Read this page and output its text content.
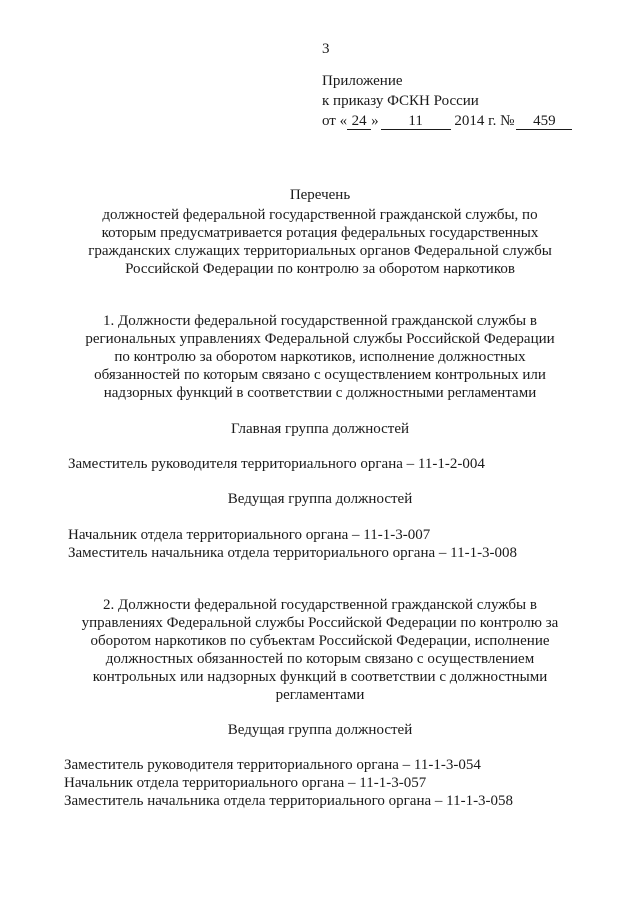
3
Приложение
к приказу ФСКН России
от « 24 » 11 2014 г. № 459
Перечень
должностей федеральной государственной гражданской службы, по
которым предусматривается ротация федеральных государственных
гражданских служащих территориальных органов Федеральной службы
Российской Федерации по контролю за оборотом наркотиков
1. Должности федеральной государственной гражданской службы в
региональных управлениях Федеральной службы Российской Федерации
по контролю за оборотом наркотиков, исполнение должностных
обязанностей по которым связано с осуществлением контрольных или
надзорных функций в соответствии с должностными регламентами
Главная группа должностей
Заместитель руководителя территориального органа – 11-1-2-004
Ведущая группа должностей
Начальник отдела территориального органа – 11-1-3-007
Заместитель начальника отдела территориального органа – 11-1-3-008
2. Должности федеральной государственной гражданской службы в
управлениях Федеральной службы Российской Федерации по контролю за
оборотом наркотиков по субъектам Российской Федерации, исполнение
должностных обязанностей по которым связано с осуществлением
контрольных или надзорных функций в соответствии с должностными
регламентами
Ведущая группа должностей
Заместитель руководителя территориального органа – 11-1-3-054
Начальник отдела территориального органа – 11-1-3-057
Заместитель начальника отдела территориального органа – 11-1-3-058
